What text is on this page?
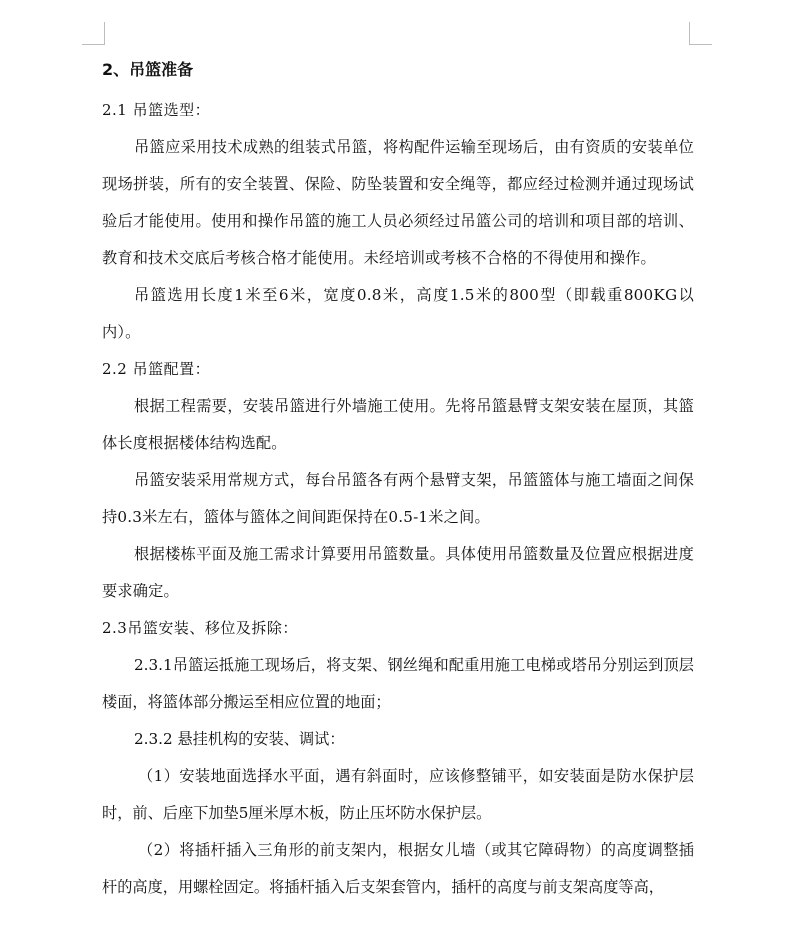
2、吊篮准备

2.1 吊篮选型：

吊篮应采用技术成熟的组装式吊篮，将构配件运输至现场后，由有资质的安装单位现场拼装，所有的安全装置、保险、防坠装置和安全绳等，都应经过检测并通过现场试验后才能使用。使用和操作吊篮的施工人员必须经过吊篮公司的培训和项目部的培训、教育和技术交底后考核合格才能使用。未经培训或考核不合格的不得使用和操作。

吊篮选用长度1米至6米，宽度0.8米，高度1.5米的800型（即载重800KG以内）。

2.2 吊篮配置：

根据工程需要，安装吊篮进行外墙施工使用。先将吊篮悬臂支架安装在屋顶，其篮体长度根据楼体结构选配。

吊篮安装采用常规方式，每台吊篮各有两个悬臂支架，吊篮篮体与施工墙面之间保持0.3米左右，篮体与篮体之间间距保持在0.5-1米之间。

根据楼栋平面及施工需求计算要用吊篮数量。具体使用吊篮数量及位置应根据进度要求确定。

2.3吊篮安装、移位及拆除：

2.3.1吊篮运抵施工现场后，将支架、钢丝绳和配重用施工电梯或塔吊分别运到顶层楼面，将篮体部分搬运至相应位置的地面；

2.3.2 悬挂机构的安装、调试：

（1）安装地面选择水平面，遇有斜面时，应该修整铺平，如安装面是防水保护层时，前、后座下加垫5厘米厚木板，防止压坏防水保护层。

（2）将插杆插入三角形的前支架内，根据女儿墙（或其它障碍物）的高度调整插杆的高度，用螺栓固定。将插杆插入后支架套管内，插杆的高度与前支架高度等高，
